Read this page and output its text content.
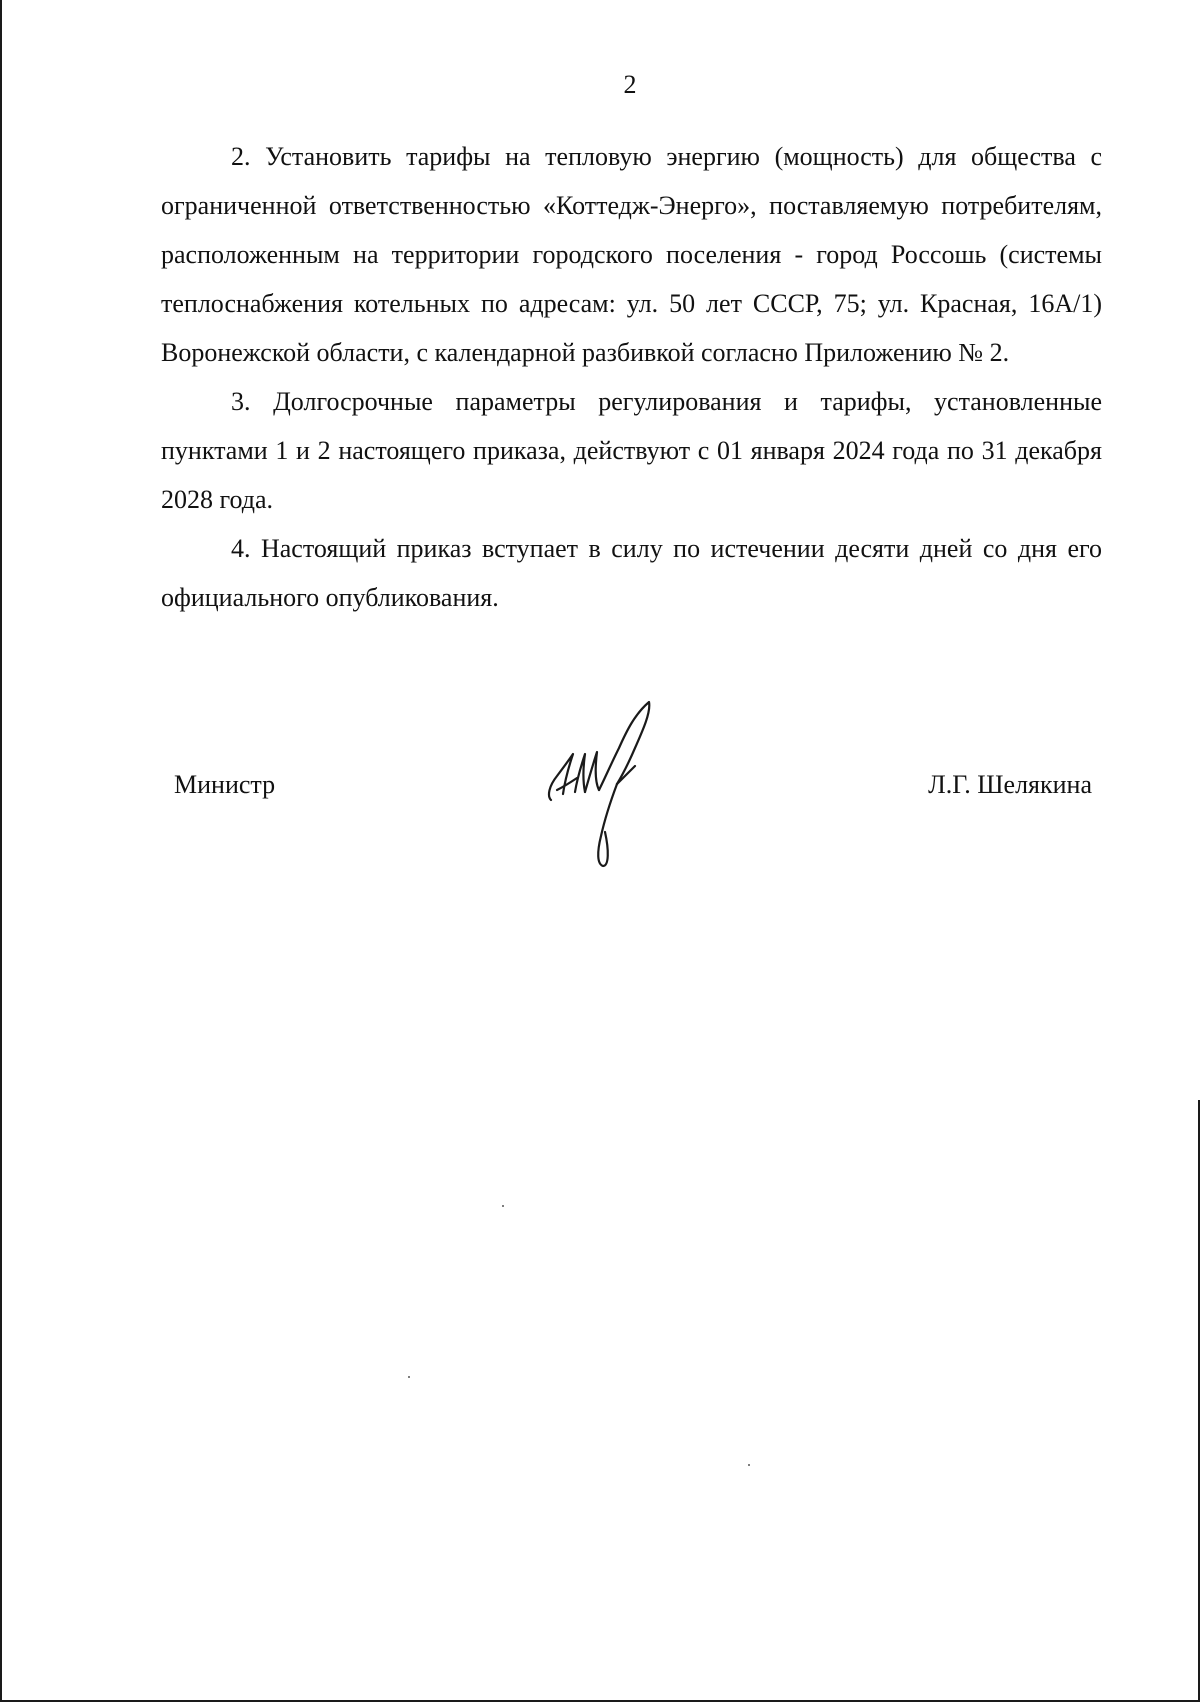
2

2. Установить тарифы на тепловую энергию (мощность) для общества с ограниченной ответственностью «Коттедж-Энерго», поставляемую потребителям, расположенным на территории городского поселения - город Россошь (системы теплоснабжения котельных по адресам: ул. 50 лет СССР, 75; ул. Красная, 16А/1) Воронежской области, с календарной разбивкой согласно Приложению № 2.

3. Долгосрочные параметры регулирования и тарифы, установленные пунктами 1 и 2 настоящего приказа, действуют с 01 января 2024 года по 31 декабря 2028 года.

4. Настоящий приказ вступает в силу по истечении десяти дней со дня его официального опубликования.

Министр	Л.Г. Шелякина
